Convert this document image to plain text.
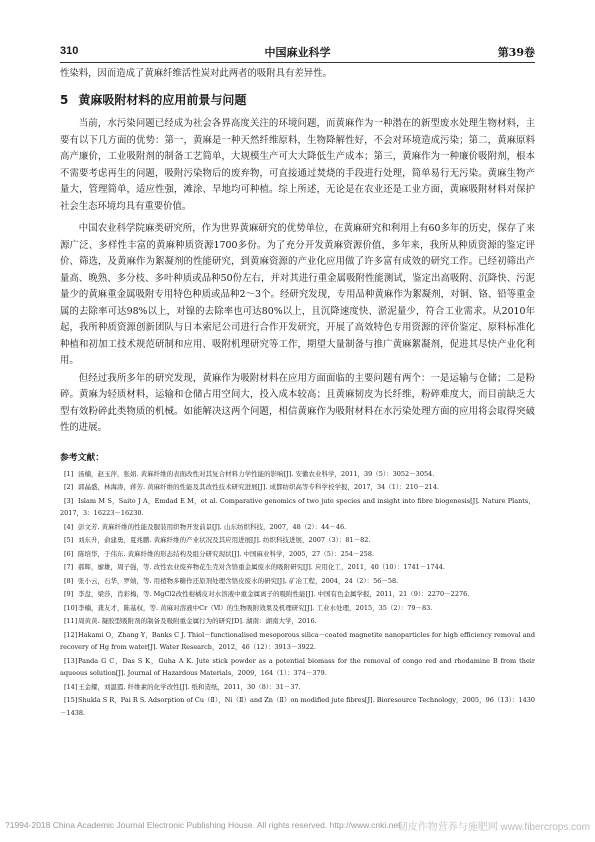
310	中国麻业科学	第39卷

性染料，因而造成了黄麻纤维活性炭对此两者的吸附具有差异性。

5 黄麻吸附材料的应用前景与问题

当前，水污染问题已经成为社会各界高度关注的环境问题，而黄麻作为一种潜在的新型废水处理生物材料，主要有以下几方面的优势：第一，黄麻是一种天然纤维原料，生物降解性好，不会对环境造成污染；第二，黄麻原料高产廉价，工业吸附剂的制备工艺简单，大规模生产可大大降低生产成本；第三，黄麻作为一种廉价吸附剂，根本不需要考虑再生的问题，吸附污染物后的废弃物，可直接通过焚烧的手段进行处理，简单易行无污染。黄麻生物产量大，管理简单，适应性强，滩涂、旱地均可种植。综上所述，无论是在农业还是工业方面，黄麻吸附材料对保护社会生态环境均具有重要价值。

中国农业科学院麻类研究所，作为世界黄麻研究的优势单位，在黄麻研究和利用上有60多年的历史，保存了来源广泛、多样性丰富的黄麻种质资源1700多份。为了充分开发黄麻资源价值，多年来，我所从种质资源的鉴定评价、筛选，及黄麻作为絮凝剂的性能研究，到黄麻资源的产业化应用做了许多富有成效的研究工作。已经初筛出产量高、晚熟、多分枝、多叶种质或品种50份左右，并对其进行重金属吸附性能测试，鉴定出高吸附、沉降快、污泥量少的黄麻重金属吸附专用特色种质或品种2～3个。经研究发现，专用品种黄麻作为絮凝剂，对铜、铬、铅等重金属的去除率可达98%以上，对镍的去除率也可达80%以上，且沉降速度快、淤泥量少，符合工业需求。从2010年起，我所种质资源创新团队与日本索尼公司进行合作开发研究，开展了高效特色专用资源的评价鉴定、原料标准化种植和初加工技术规范研制和应用、吸附机理研究等工作，期望大量制备与推广黄麻絮凝剂，促进其尽快产业化利用。

但经过我所多年的研究发现，黄麻作为吸附材料在应用方面面临的主要问题有两个：一是运输与仓储；二是粉碎。黄麻为轻质材料，运输和仓储占用空间大，投入成本较高；且黄麻韧皮为长纤维，粉碎难度大，而目前缺乏大型有效粉碎此类物质的机械。如能解决这两个问题，相信黄麻作为吸附材料在水污染处理方面的应用将会取得突破性的进展。

参考文献：

[1] 汤楠，赵玉萍，张娟. 黄麻纤维的表面改性对其复合材料力学性能的影响[J]. 安徽农业科学，2011，39（5）：3052－3054.

[2] 郭晶盛，林海涛，蒋芳. 黄麻纤维的性能及其改性技术研究进展[J]. 成都纺织高等专科学校学报，2017，34（1）：210－214.

[3] Islam M S，Saito J A，Emdad E M，et al. Comparative genomics of two jute species and insight into fibre biogenesis[J]. Nature Plants，2017，3：16223－16230.

[4] 彭文芳. 黄麻纤维的性能及服装用织物开发前景[J]. 山东纺织科技，2007，48（2）：44－46.

[5] 刘东升，俞建勇，夏兆鹏. 黄麻纤维的产业状况及其应用进展[J]. 纺织科技进展，2007（3）：81－82.

[6] 陈培华，于伟东. 黄麻纤维的形态结构及组分研究现状[J]. 中国麻业科学，2005，27（5）：254－258.

[7] 郝晖，廖雄，周子强，等. 改性农业废弃物花生壳对含铬重金属废水的吸附研究[J]. 应用化工，2011，40（10）：1741－1744.

[8] 张小云，石华，罗婧，等. 用植物多糖作还原剂处理含铬皮废水的研究[J]. 矿冶工程，2004，24（2）：56－58.

[9] 李盘，梁莎，肖彩梅，等. MgCl2改性柑橘皮对水溶液中重金属离子的吸附性能[J]. 中国有色金属学报，2011，21（9）：2270－2276.

[10]李楠，龚友才，陈基权，等. 黄麻对溶液中Cr（Ⅵ）的生物吸附效果及机理研究[J]. 工业水处理，2015，35（2）：79－83.

[11]周黄黄. 凝胶型吸附剂的制备及吸附重金属行为的研究[D]. 湖南：湖南大学，2016.

[12]Hakami O，Zhang Y，Banks C J. Thiol－functionalised mesoporous silica－coated magnetite nanoparticles for high efficiency removal and recovery of Hg from water[J]. Water Research，2012，46（12）：3913－3922.

[13]Panda G C，Das S K，Guha A K. Jute stick powder as a potential biomass for the removal of congo red and rhodamine B from their aqueous solution[J]. Journal of Hazardous Materials，2009，164（1）：374－379.

[14]王金耀，刘温霞. 纤维素的化学改性[J]. 纸和造纸，2011，30（8）：31－37.

[15]Shukla S R，Pai R S. Adsorption of Cu（Ⅱ），Ni（Ⅱ）and Zn（Ⅱ）on modified jute fibres[J]. Bioresource Technology，2005，96（13）：1430－1438.

?1994-2018 China Academic Journal Electronic Publishing House. All rights reserved. http://www.cnki.net
韧皮作物营养与施肥网 www.fibercrops.com
